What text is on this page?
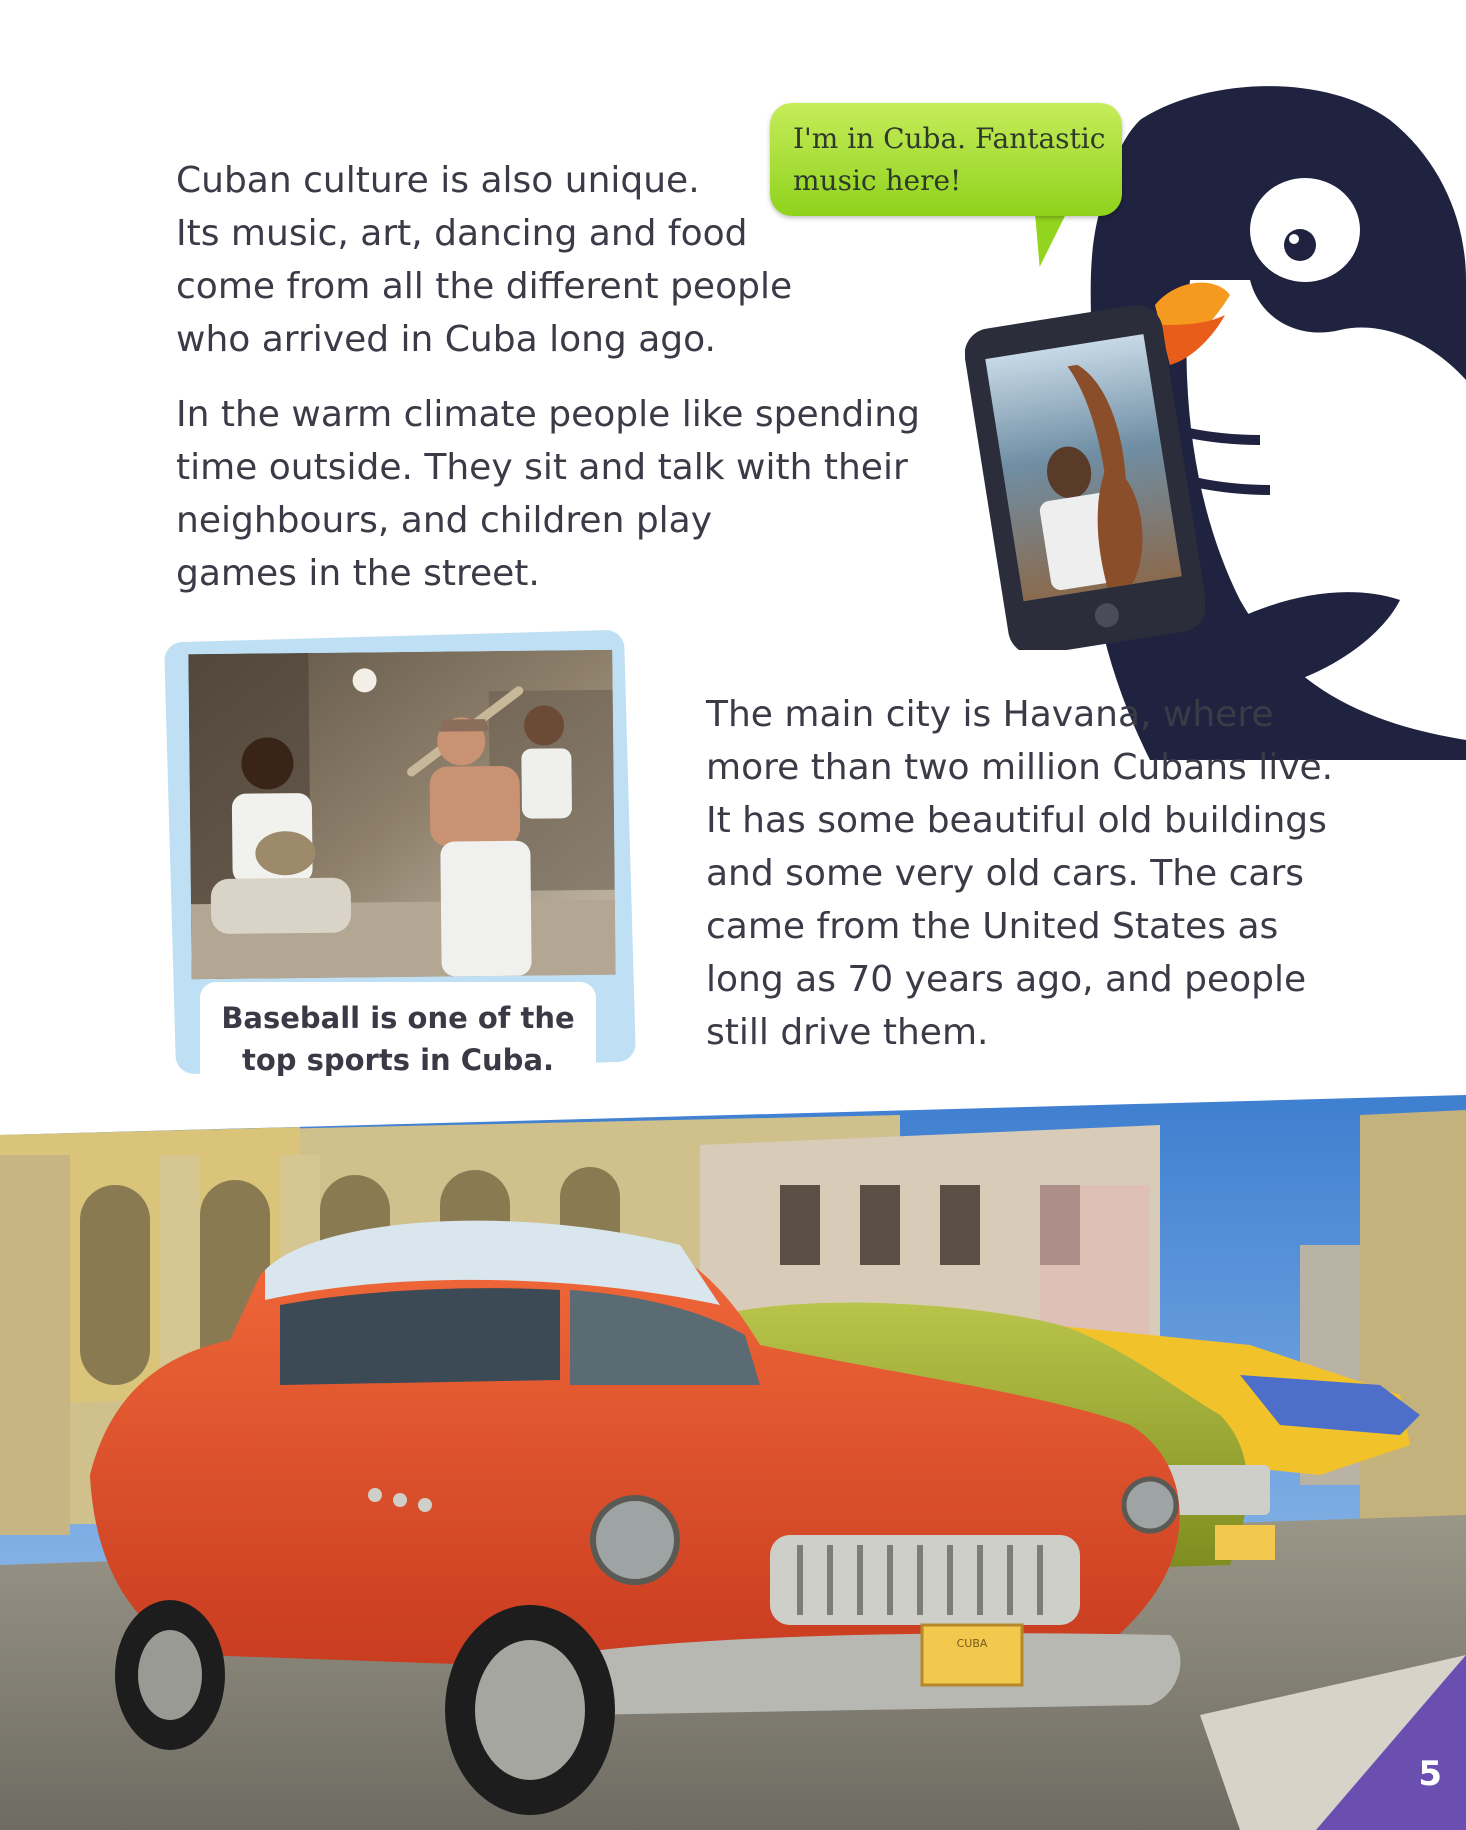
Cuban culture is also unique.
Its music, art, dancing and food
come from all the different people
who arrived in Cuba long ago.

In the warm climate people like spending
time outside. They sit and talk with their
neighbours, and children play
games in the street.

I'm in Cuba. Fantastic
music here!

Baseball is one of the
top sports in Cuba.

The main city is Havana, where
more than two million Cubans live.
It has some beautiful old buildings
and some very old cars. The cars
came from the United States as
long as 70 years ago, and people
still drive them.

CUBA

5
